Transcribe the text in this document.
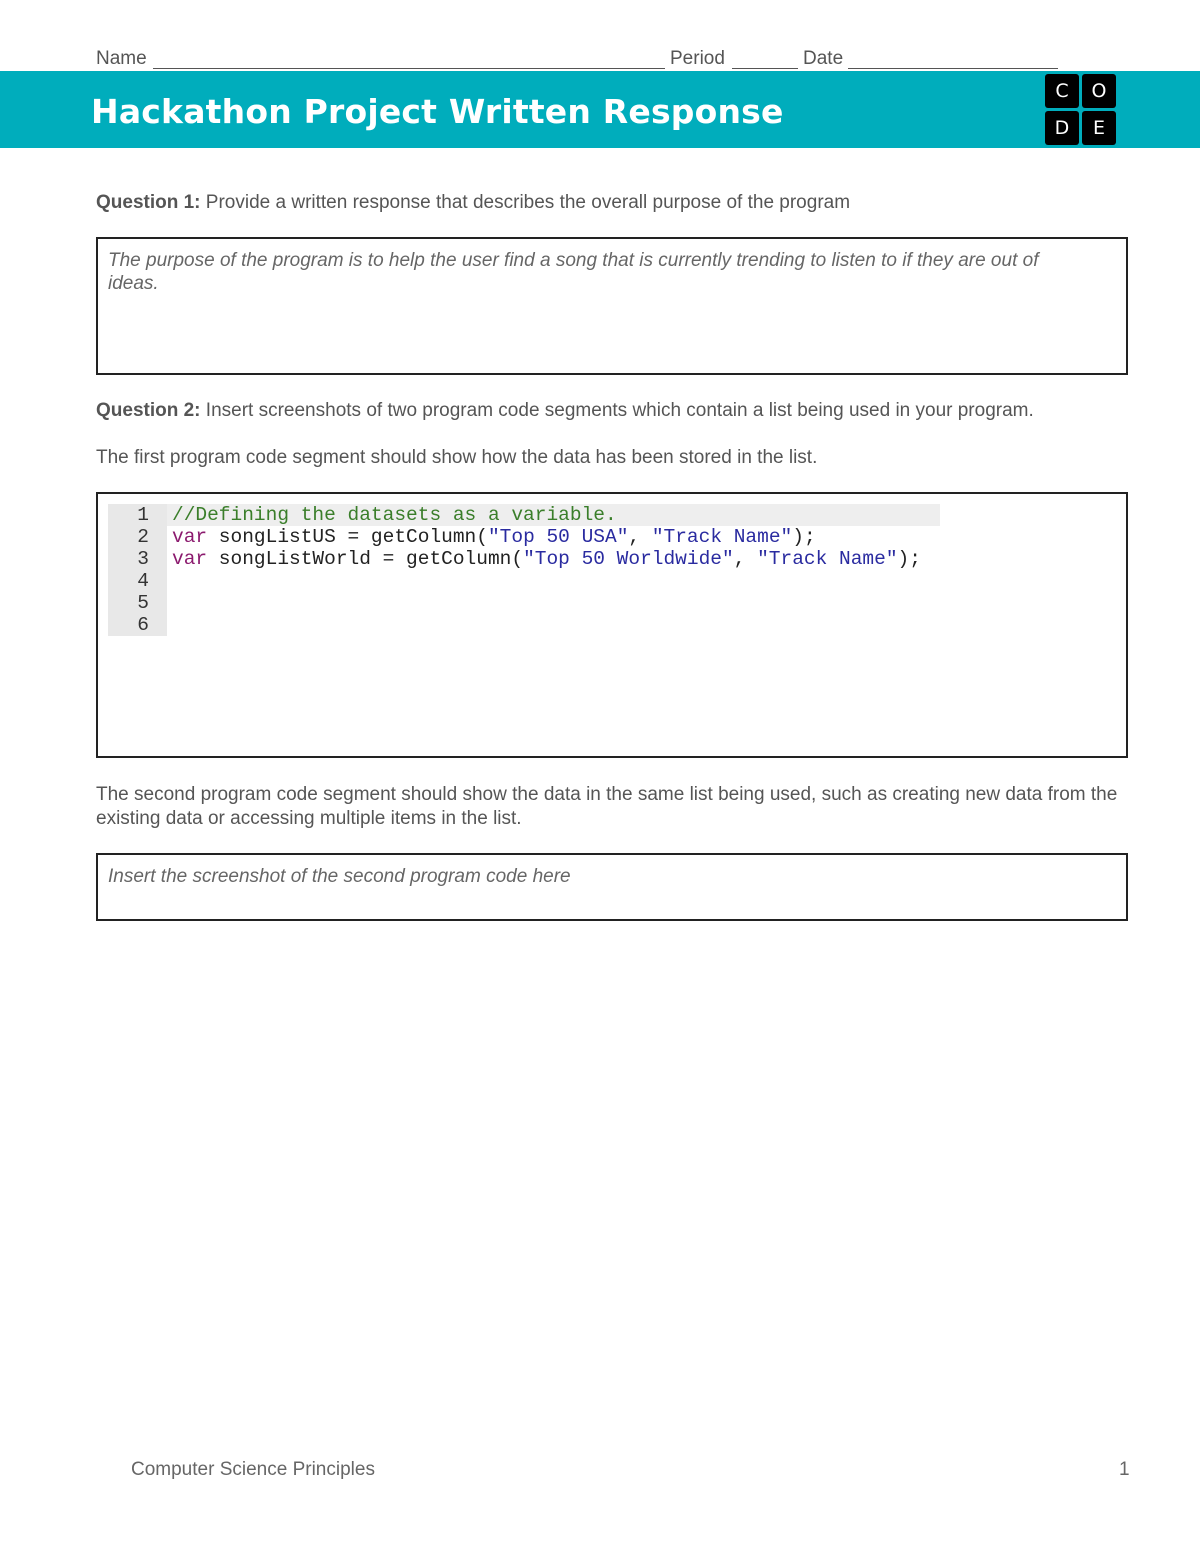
Name	Period	Date
Hackathon Project Written Response
C	O
D	E
Question 1: Provide a written response that describes the overall purpose of the program
The purpose of the program is to help the user find a song that is currently trending to listen to if they are out of ideas.
Question 2: Insert screenshots of two program code segments which contain a list being used in your program.
The first program code segment should show how the data has been stored in the list.
1	//Defining the datasets as a variable.
2	var songListUS = getColumn("Top 50 USA", "Track Name");
3	var songListWorld = getColumn("Top 50 Worldwide", "Track Name");
4
5
6
The second program code segment should show the data in the same list being used, such as creating new data from the existing data or accessing multiple items in the list.
Insert the screenshot of the second program code here
Computer Science Principles	1
